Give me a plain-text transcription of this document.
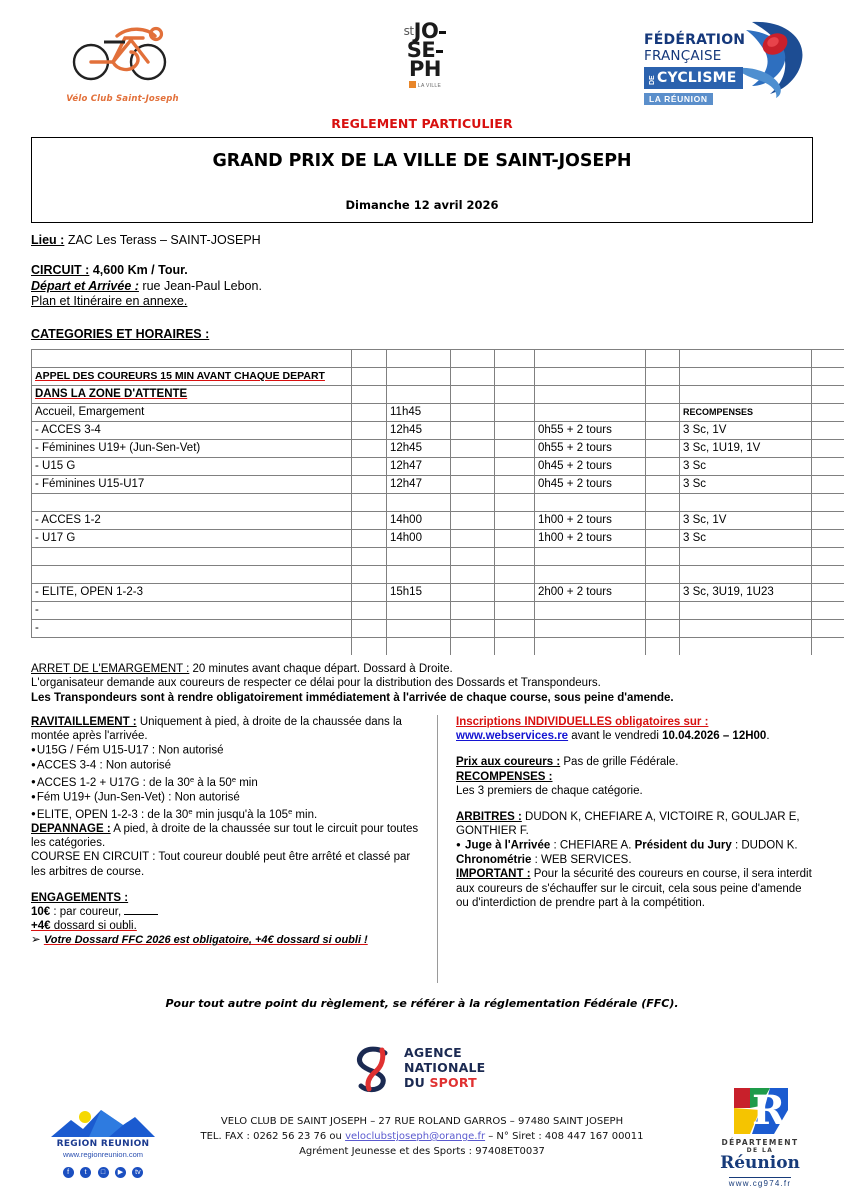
Vélo Club Saint-Joseph
stJO
SE
PH
LA VILLE
FÉDÉRATION
FRANÇAISE
DECYCLISME
LA RÉUNION
REGLEMENT PARTICULIER
GRAND PRIX DE LA VILLE DE SAINT-JOSEPH
Dimanche 12 avril 2026
Lieu : ZAC Les Terass – SAINT-JOSEPH
CIRCUIT : 4,600 Km / Tour.
Départ et Arrivée : rue Jean-Paul Lebon.
Plan et Itinéraire en annexe.
CATEGORIES ET HORAIRES :

APPEL DES COUREURS 15 MIN AVANT CHAQUE DEPART								
DANS LA ZONE D'ATTENTE								
Accueil, Emargement		11h45					RECOMPENSES	
- ACCES 3-4		12h45			0h55 + 2 tours		3 Sc, 1V	
- Féminines U19+ (Jun-Sen-Vet)		12h45			0h55 + 2 tours		3 Sc, 1U19, 1V	
- U15 G		12h47			0h45 + 2 tours		3 Sc	
- Féminines U15-U17		12h47			0h45 + 2 tours		3 Sc	

- ACCES 1-2		14h00			1h00 + 2 tours		3 Sc, 1V	
- U17 G		14h00			1h00 + 2 tours		3 Sc	

- ELITE, OPEN 1-2-3		15h15			2h00 + 2 tours		3 Sc, 3U19, 1U23	
-								
-								

ARRET DE L'EMARGEMENT : 20 minutes avant chaque départ. Dossard à Droite.
L'organisateur demande aux coureurs de respecter ce délai pour la distribution des Dossards et Transpondeurs.
Les Transpondeurs sont à rendre obligatoirement immédiatement à l'arrivée de chaque course, sous peine d'amende.
RAVITAILLEMENT : Uniquement à pied, à droite de la chaussée dans la montée après l'arrivée.
● U15G / Fém U15-U17 : Non autorisé
● ACCES 3-4 : Non autorisé
● ACCES 1-2 + U17G : de la 30e à la 50e min
● Fém U19+ (Jun-Sen-Vet) : Non autorisé
● ELITE, OPEN 1-2-3 : de la 30e min jusqu'à la 105e min.
DEPANNAGE : A pied, à droite de la chaussée sur tout le circuit pour toutes les catégories.
COURSE EN CIRCUIT : Tout coureur doublé peut être arrêté et classé par les arbitres de course.
ENGAGEMENTS :
10€ : par coureur,
+4€ dossard si oubli.
➢ Votre Dossard FFC 2026 est obligatoire, +4€ dossard si oubli !
Inscriptions INDIVIDUELLES obligatoires sur :
www.webservices.re avant le vendredi 10.04.2026 – 12H00.
Prix aux coureurs : Pas de grille Fédérale.
RECOMPENSES :
Les 3 premiers de chaque catégorie.
ARBITRES : DUDON K, CHEFIARE A, VICTOIRE R, GOULJAR E, GONTHIER F.
● Juge à l'Arrivée : CHEFIARE A. Président du Jury : DUDON K.
Chronométrie : WEB SERVICES.
IMPORTANT : Pour la sécurité des coureurs en course, il sera interdit aux coureurs de s'échauffer sur le circuit, cela sous peine d'amende ou d'interdiction de prendre part à la compétition.
Pour tout autre point du règlement, se référer à la réglementation Fédérale (FFC).
AGENCE
NATIONALE
DU SPORT
REGION REUNION
www.regionreunion.com
f t □ ▶ tv
R
DÉPARTEMENT
DE LA
Réunion
www.cg974.fr
VELO CLUB DE SAINT JOSEPH – 27 RUE ROLAND GARROS – 97480 SAINT JOSEPH
TEL. FAX : 0262 56 23 76 ou veloclubstjoseph@orange.fr – N° Siret : 408 447 167 00011
Agrément Jeunesse et des Sports : 97408ET0037
